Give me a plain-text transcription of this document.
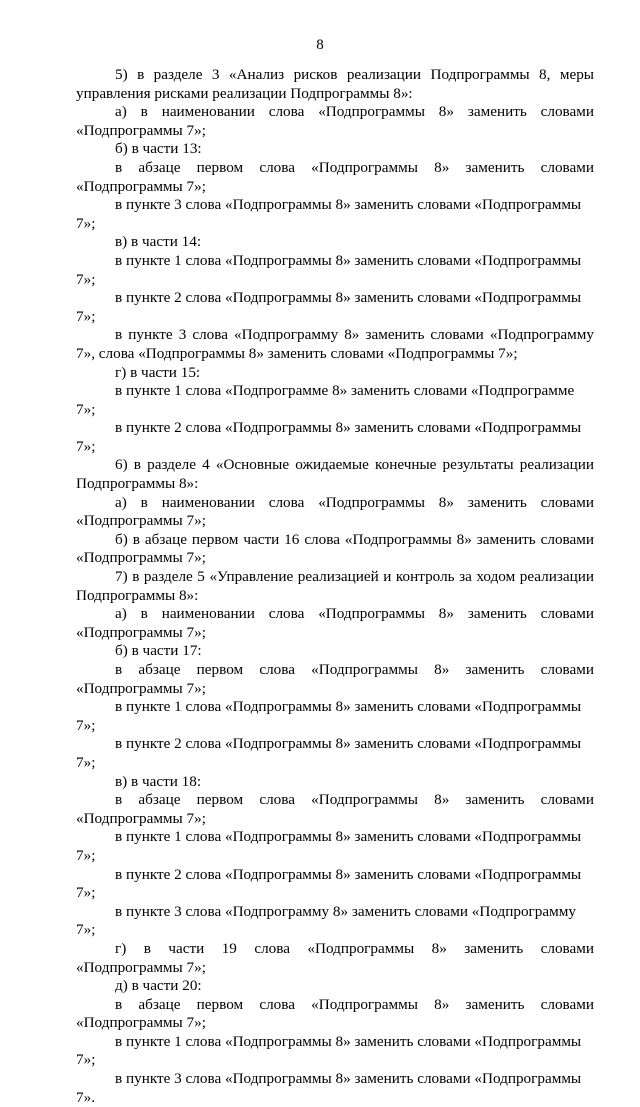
8

5) в разделе 3 «Анализ рисков реализации Подпрограммы 8, меры управления рисками реализации Подпрограммы 8»:

а) в наименовании слова «Подпрограммы 8» заменить словами «Подпрограммы 7»;

б) в части 13:

в абзаце первом слова «Подпрограммы 8» заменить словами «Подпрограммы 7»;

в пункте 3 слова «Подпрограммы 8» заменить словами «Подпрограммы 7»;

в) в части 14:

в пункте 1 слова «Подпрограммы 8» заменить словами «Подпрограммы 7»;

в пункте 2 слова «Подпрограммы 8» заменить словами «Подпрограммы 7»;

в пункте 3 слова «Подпрограмму 8» заменить словами «Подпрограмму 7», слова «Подпрограммы 8» заменить словами «Подпрограммы 7»;

г) в части 15:

в пункте 1 слова «Подпрограмме 8» заменить словами «Подпрограмме 7»;

в пункте 2 слова «Подпрограммы 8» заменить словами «Подпрограммы 7»;

6) в разделе 4 «Основные ожидаемые конечные результаты реализации Подпрограммы 8»:

а) в наименовании слова «Подпрограммы 8» заменить словами «Подпрограммы 7»;

б) в абзаце первом части 16 слова «Подпрограммы 8» заменить словами «Подпрограммы 7»;

7) в разделе 5 «Управление реализацией и контроль за ходом реализации Подпрограммы 8»:

а) в наименовании слова «Подпрограммы 8» заменить словами «Подпрограммы 7»;

б) в части 17:

в абзаце первом слова «Подпрограммы 8» заменить словами «Подпрограммы 7»;

в пункте 1 слова «Подпрограммы 8» заменить словами «Подпрограммы 7»;

в пункте 2 слова «Подпрограммы 8» заменить словами «Подпрограммы 7»;

в) в части 18:

в абзаце первом слова «Подпрограммы 8» заменить словами «Подпрограммы 7»;

в пункте 1 слова «Подпрограммы 8» заменить словами «Подпрограммы 7»;

в пункте 2 слова «Подпрограммы 8» заменить словами «Подпрограммы 7»;

в пункте 3 слова «Подпрограмму 8» заменить словами «Подпрограмму 7»;

г) в части 19 слова «Подпрограммы 8» заменить словами «Подпрограммы 7»;

д) в части 20:

в абзаце первом слова «Подпрограммы 8» заменить словами «Подпрограммы 7»;

в пункте 1 слова «Подпрограммы 8» заменить словами «Подпрограммы 7»;

в пункте 3 слова «Подпрограммы 8» заменить словами «Подпрограммы 7».
